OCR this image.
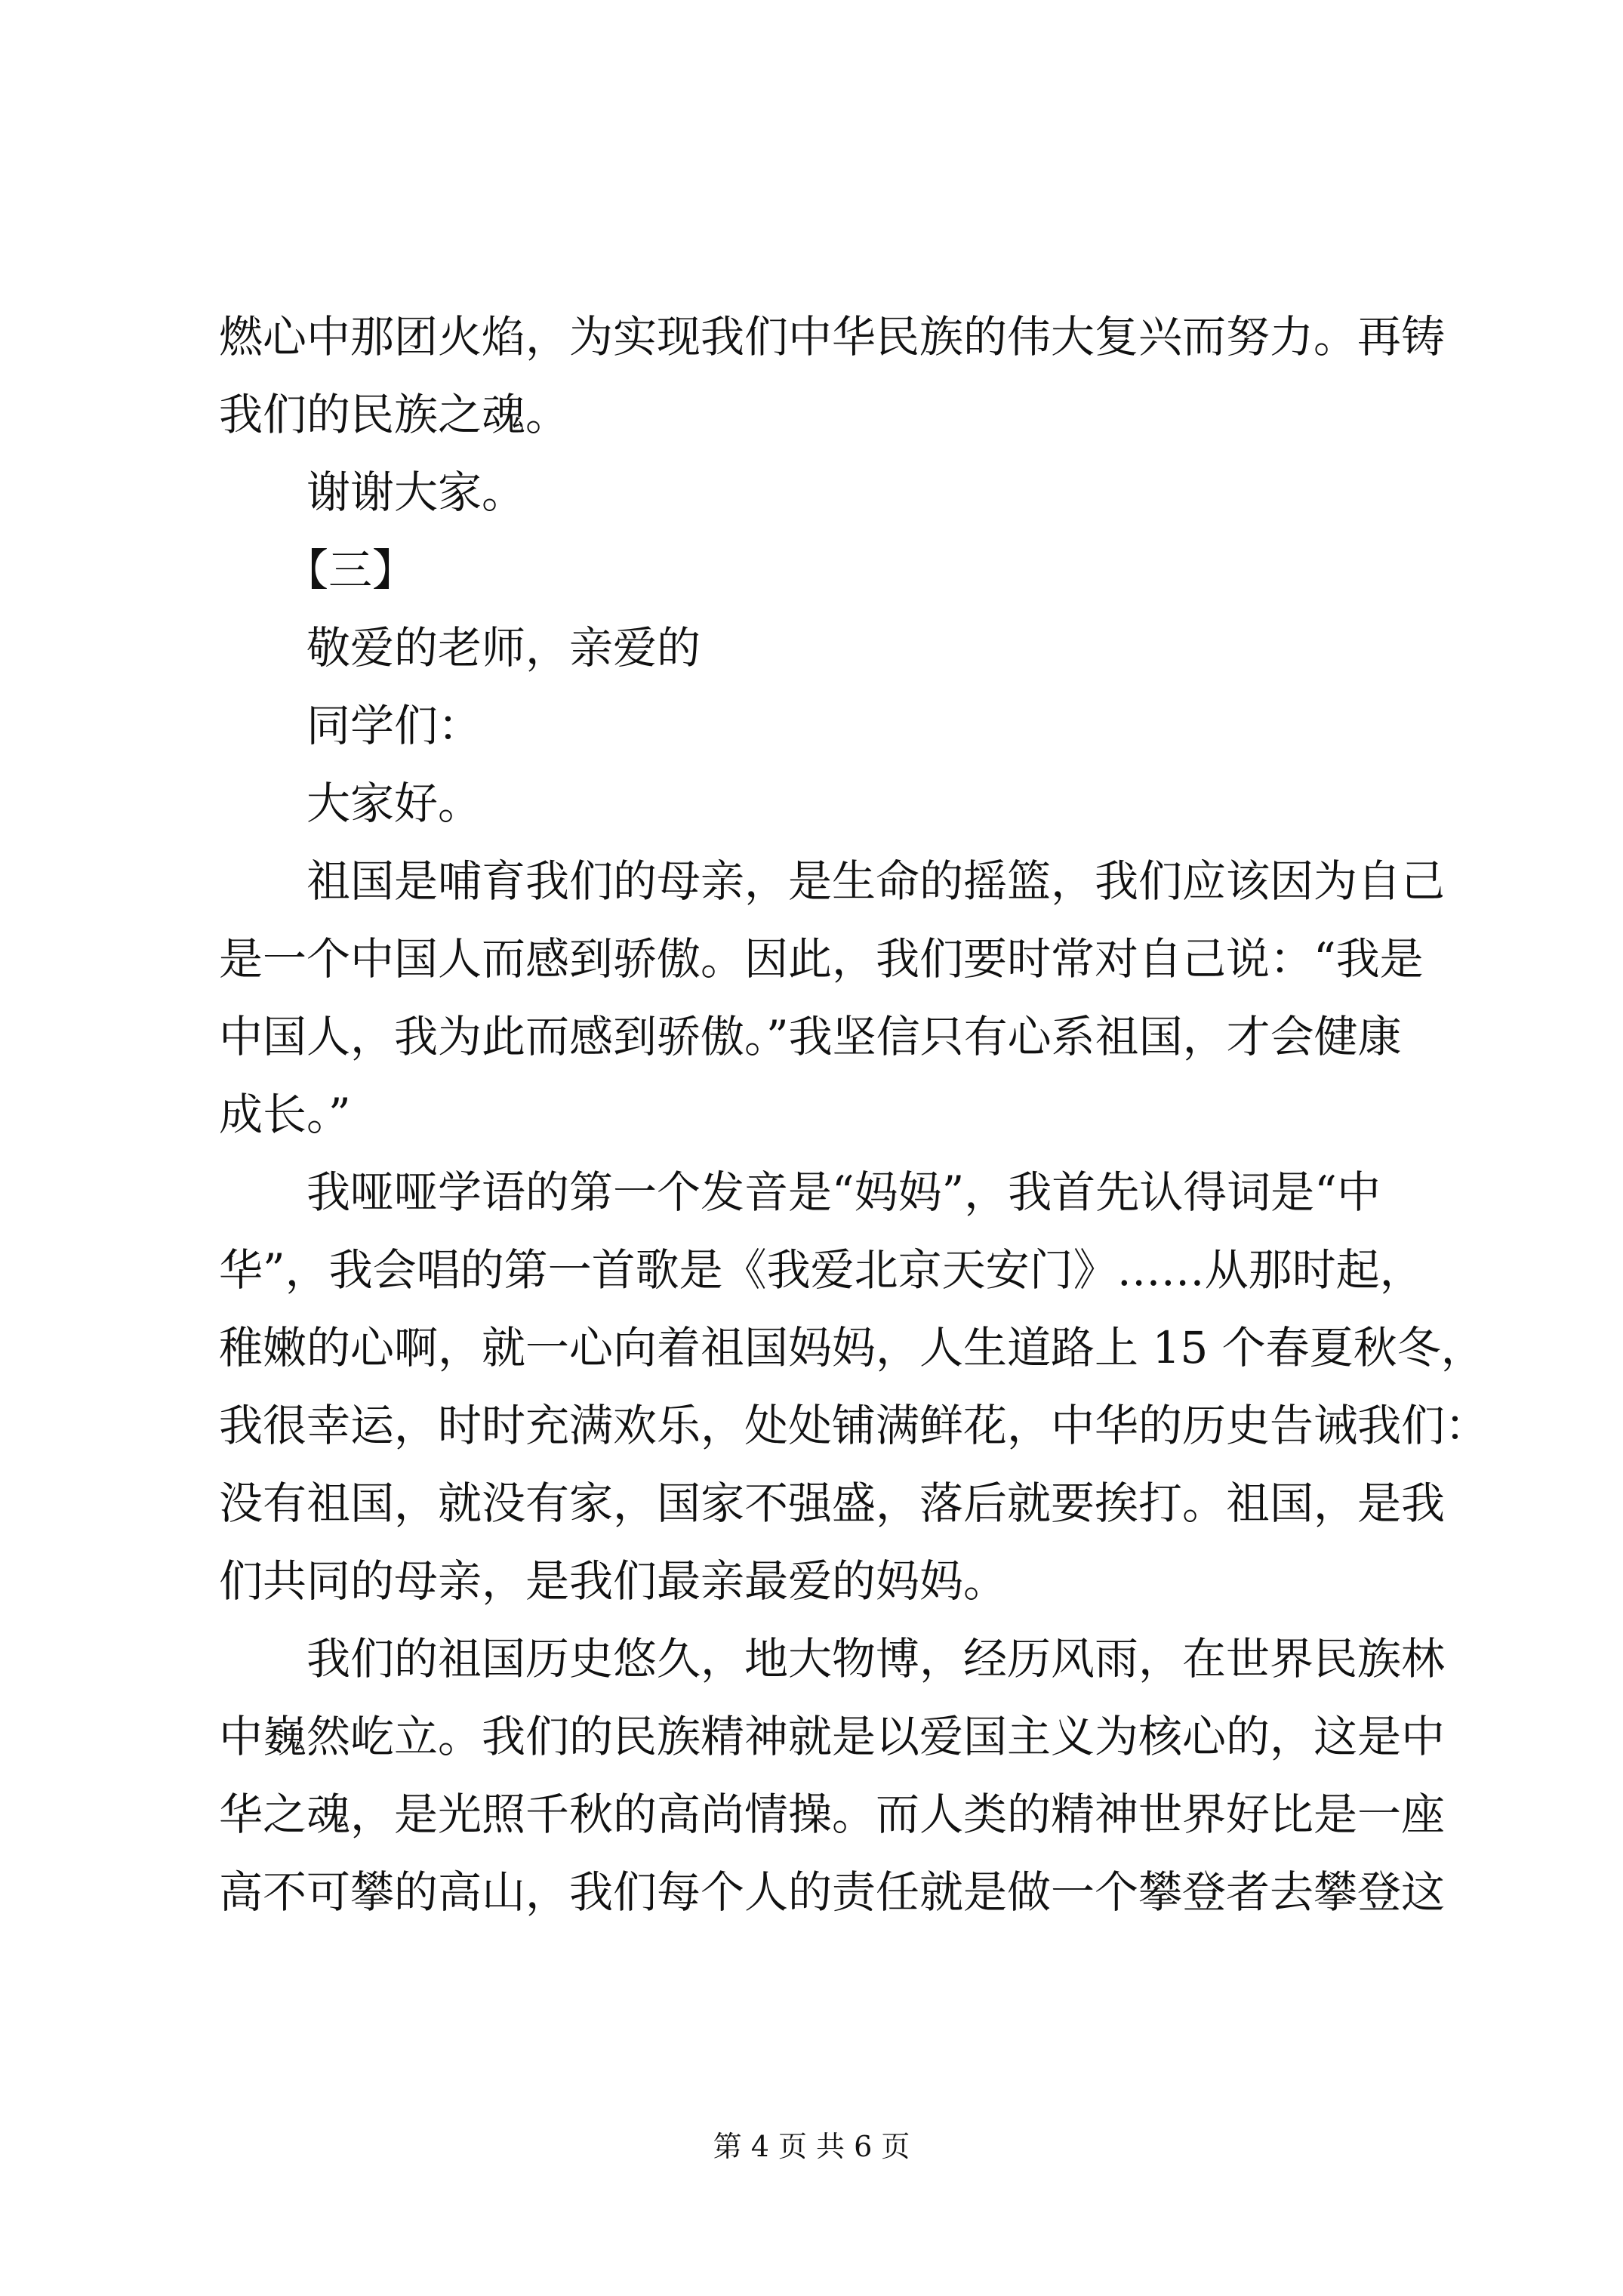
燃心中那团火焰，为实现我们中华民族的伟大复兴而努力。再铸

我们的民族之魂。

　　谢谢大家。

　　【三】

　　敬爱的老师，亲爱的

　　同学们：

　　大家好。

　　祖国是哺育我们的母亲，是生命的摇篮，我们应该因为自己

是一个中国人而感到骄傲。因此，我们要时常对自己说：“我是

中国人，我为此而感到骄傲。”我坚信只有心系祖国，才会健康

成长。”

　　我哑哑学语的第一个发音是“妈妈”，我首先认得词是“中

华”，我会唱的第一首歌是《我爱北京天安门》……从那时起，

稚嫩的心啊，就一心向着祖国妈妈，人生道路上 15 个春夏秋冬，

我很幸运，时时充满欢乐，处处铺满鲜花，中华的历史告诫我们：

没有祖国，就没有家，国家不强盛，落后就要挨打。祖国，是我

们共同的母亲，是我们最亲最爱的妈妈。

　　我们的祖国历史悠久，地大物博，经历风雨，在世界民族林

中巍然屹立。我们的民族精神就是以爱国主义为核心的，这是中

华之魂，是光照千秋的高尚情操。而人类的精神世界好比是一座

高不可攀的高山，我们每个人的责任就是做一个攀登者去攀登这

第 4 页 共 6 页
